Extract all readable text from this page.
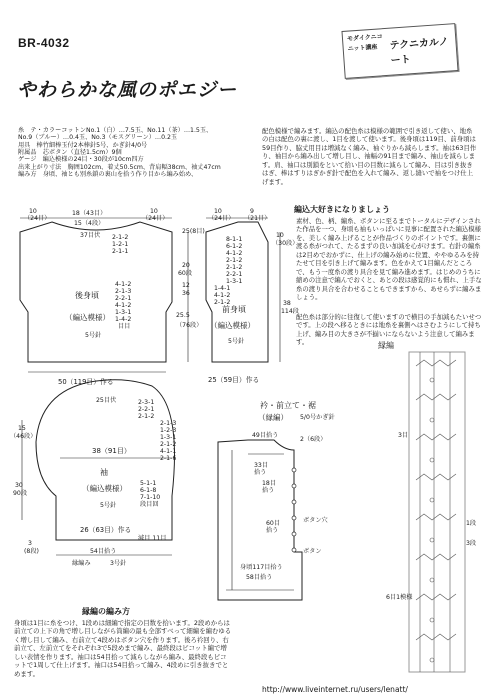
BR-4032	モダイクニコ
ニット講座 テクニカルノート
やわらかな風のポエジー
糸　テ・カラーコットンNo.1（白）…7.5玉、No.11（茶）…1.5玉、
No.9（ブルー）…0.4玉、No.3（モスグリーン）…0.2玉
用具　棒竹細棒玉付2本棒針5号、かぎ針4/0号
附属品　芯ボタン（直径1.5cm）9個
ゲージ　編込模様の24目・30段が10cm四方
出来上がり寸法　胸囲102cm、着丈50.5cm、背肩幅38cm、袖丈47cm
編み方　身頃、袖とも別糸鎖の裏山を拾う作り目から編み始め、
配色模様で編みます。編込の配色糸は模様の範囲で引き返して使い、地糸の白は配色の裏に渡し、1目を渡して使います。後身頃は119目、前身頃は59目作り、脇丈用目は増減なく編み、袖ぐりから減らします。袖は63目作り、袖目から編み出して増し目し、袖幅の91目まで編み、袖山を減らします。肩、袖口は別鎖をといて拾い目の目数に減らして編み、目は引き抜きはぎ、棒はすりはぎかぎ針で配色を入れて編み、返し縫いで袖をつけ仕上げます。
編込大好きになりましょう
素材、色、柄、編糸、ボタンに至るまでトータルにデザインされた作品を一つ、身頃も袖もいっぱいに見事に配置された編込模様を、美しく編み上げることが作品づくりのポイントです。裏側に渡る糸がつれて、たるまずの良い加減を心がけます。右針の編糸は2目めでおかずに、仕上げの編み始めに位置、ややゆるみを持たせて目を引き上げて編みます。色をかえて1目編んだところで、もう一度糸の渡り具合を見て編み進めます。はじめのうちに縮めの注意で編んでおくと、あとの段は感覚的にも慣れ、上手な糸の渡り具合を合わせることもできますから、あせらずに編みましょう。
配色糸は部分的に往復して使いますので横目の手加減もたいせつです。上の段へ移るときには地糸を裏側へはさむようにして持ち上げ、編み目の大きさが不揃いにならないよう注意して編みます。
10
（24目）
18（43目）
15（4段）
10
（24目）
37目伏 2-1-2
1-2-1
2-1-1
4-1-2
2-1-3
2-2-1
4-1-2
1-3-1
1-4-2
目目
後身頃
（編込模様）
5号針
50（119目）作る
10
（24目）
9
（21目）
25(8目)
20
60段
12
36
25.5
（76段）
38
114段
10
（30段）
8-1-1
6-1-2
4-1-2
2-1-2
2-1-2
2-2-1
1-3-1
1-4-1
4-1-2
2-1-2
前身頃
（編込模様）
5号針
25（59目）作る
25目伏	2-3-1
2-2-1
2-1-2
2-1-3
1-2-3
1-3-1
2-1-2
4-1-1
2-1-6
15
（46段）
38（91目）
30
90段
5-1-1
6-1-8
7-1-10
段目回
袖
（編込模様）
5号針
26（63目）作る
減目 11目
54目拾う
3
(8段)
縁編み	3号針
衿・前立て・裾
（縁編） 5/0号かぎ針
49目拾う
2（6段）
33目
拾う
18目
拾う
60目
拾う
ボタン穴
ボタン
身頃117目拾う
58目拾う
縁編
3目
6目1模様
1段
3段
縁編の編み方
身頃は1目に糸をつけ、1段めは細編で指定の目数を拾います。2段めからは前立ての上下の角で増し目しながら筒編の最も全部すべって細編を編むゆるく増し目して編み、右前立て4段めはボタン穴を作ります。後ろ衿回り、右前立て、左前立てをそれぞれ3で5段めまで編み、最終段はピコット編で増しい表情を作ります。袖口は54目拾って減らしながら編み、最終段もピコットで1周して仕上げます。袖口は54目拾って編み、4段めに引き抜きでとめます。
http://www.liveinternet.ru/users/lenatt/
